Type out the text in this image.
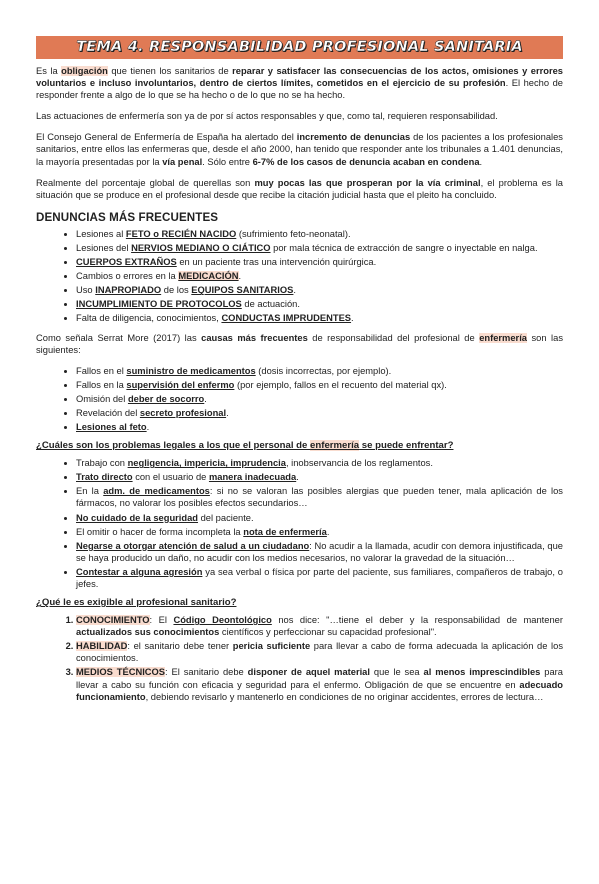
TEMA 4. RESPONSABILIDAD PROFESIONAL SANITARIA

Es la obligación que tienen los sanitarios de reparar y satisfacer las consecuencias de los actos, omisiones y errores voluntarios e incluso involuntarios, dentro de ciertos límites, cometidos en el ejercicio de su profesión. El hecho de responder frente a algo de lo que se ha hecho o de lo que no se ha hecho.

Las actuaciones de enfermería son ya de por sí actos responsables y que, como tal, requieren responsabilidad.

El Consejo General de Enfermería de España ha alertado del incremento de denuncias de los pacientes a los profesionales sanitarios, entre ellos las enfermeras que, desde el año 2000, han tenido que responder ante los tribunales a 1.401 denuncias, la mayoría presentadas por la vía penal. Sólo entre 6-7% de los casos de denuncia acaban en condena.

Realmente del porcentaje global de querellas son muy pocas las que prosperan por la vía criminal, el problema es la situación que se produce en el profesional desde que recibe la citación judicial hasta que el pleito ha concluido.

DENUNCIAS MÁS FRECUENTES
• Lesiones al FETO o RECIÉN NACIDO (sufrimiento feto-neonatal).
• Lesiones del NERVIOS MEDIANO O CIÁTICO por mala técnica de extracción de sangre o inyectable en nalga.
• CUERPOS EXTRAÑOS en un paciente tras una intervención quirúrgica.
• Cambios o errores en la MEDICACIÓN.
• Uso INAPROPIADO de los EQUIPOS SANITARIOS.
• INCUMPLIMIENTO DE PROTOCOLOS de actuación.
• Falta de diligencia, conocimientos, CONDUCTAS IMPRUDENTES.

Como señala Serrat More (2017) las causas más frecuentes de responsabilidad del profesional de enfermería son las siguientes:

• Fallos en el suministro de medicamentos (dosis incorrectas, por ejemplo).
• Fallos en la supervisión del enfermo (por ejemplo, fallos en el recuento del material qx).
• Omisión del deber de socorro.
• Revelación del secreto profesional.
• Lesiones al feto.
¿Cuáles son los problemas legales a los que el personal de enfermería se puede enfrentar?
• Trabajo con negligencia, impericia, imprudencia, inobservancia de los reglamentos.
• Trato directo con el usuario de manera inadecuada.
• En la adm. de medicamentos: si no se valoran las posibles alergias que pueden tener, mala aplicación de los fármacos, no valorar los posibles efectos secundarios…
• No cuidado de la seguridad del paciente.
• El omitir o hacer de forma incompleta la nota de enfermería.
• Negarse a otorgar atención de salud a un ciudadano: No acudir a la llamada, acudir con demora injustificada, que se haya producido un daño, no acudir con los medios necesarios, no valorar la gravedad de la situación…
• Contestar a alguna agresión ya sea verbal o física por parte del paciente, sus familiares, compañeros de trabajo, o jefes.
¿Qué le es exigible al profesional sanitario?
1. CONOCIMIENTO: El Código Deontológico nos dice: "…tiene el deber y la responsabilidad de mantener actualizados sus conocimientos científicos y perfeccionar su capacidad profesional".
2. HABILIDAD: el sanitario debe tener pericia suficiente para llevar a cabo de forma adecuada la aplicación de los conocimientos.
3. MEDIOS TÉCNICOS: El sanitario debe disponer de aquel material que le sea al menos imprescindibles para llevar a cabo su función con eficacia y seguridad para el enfermo. Obligación de que se encuentre en adecuado funcionamiento, debiendo revisarlo y mantenerlo en condiciones de no originar accidentes, errores de lectura…
